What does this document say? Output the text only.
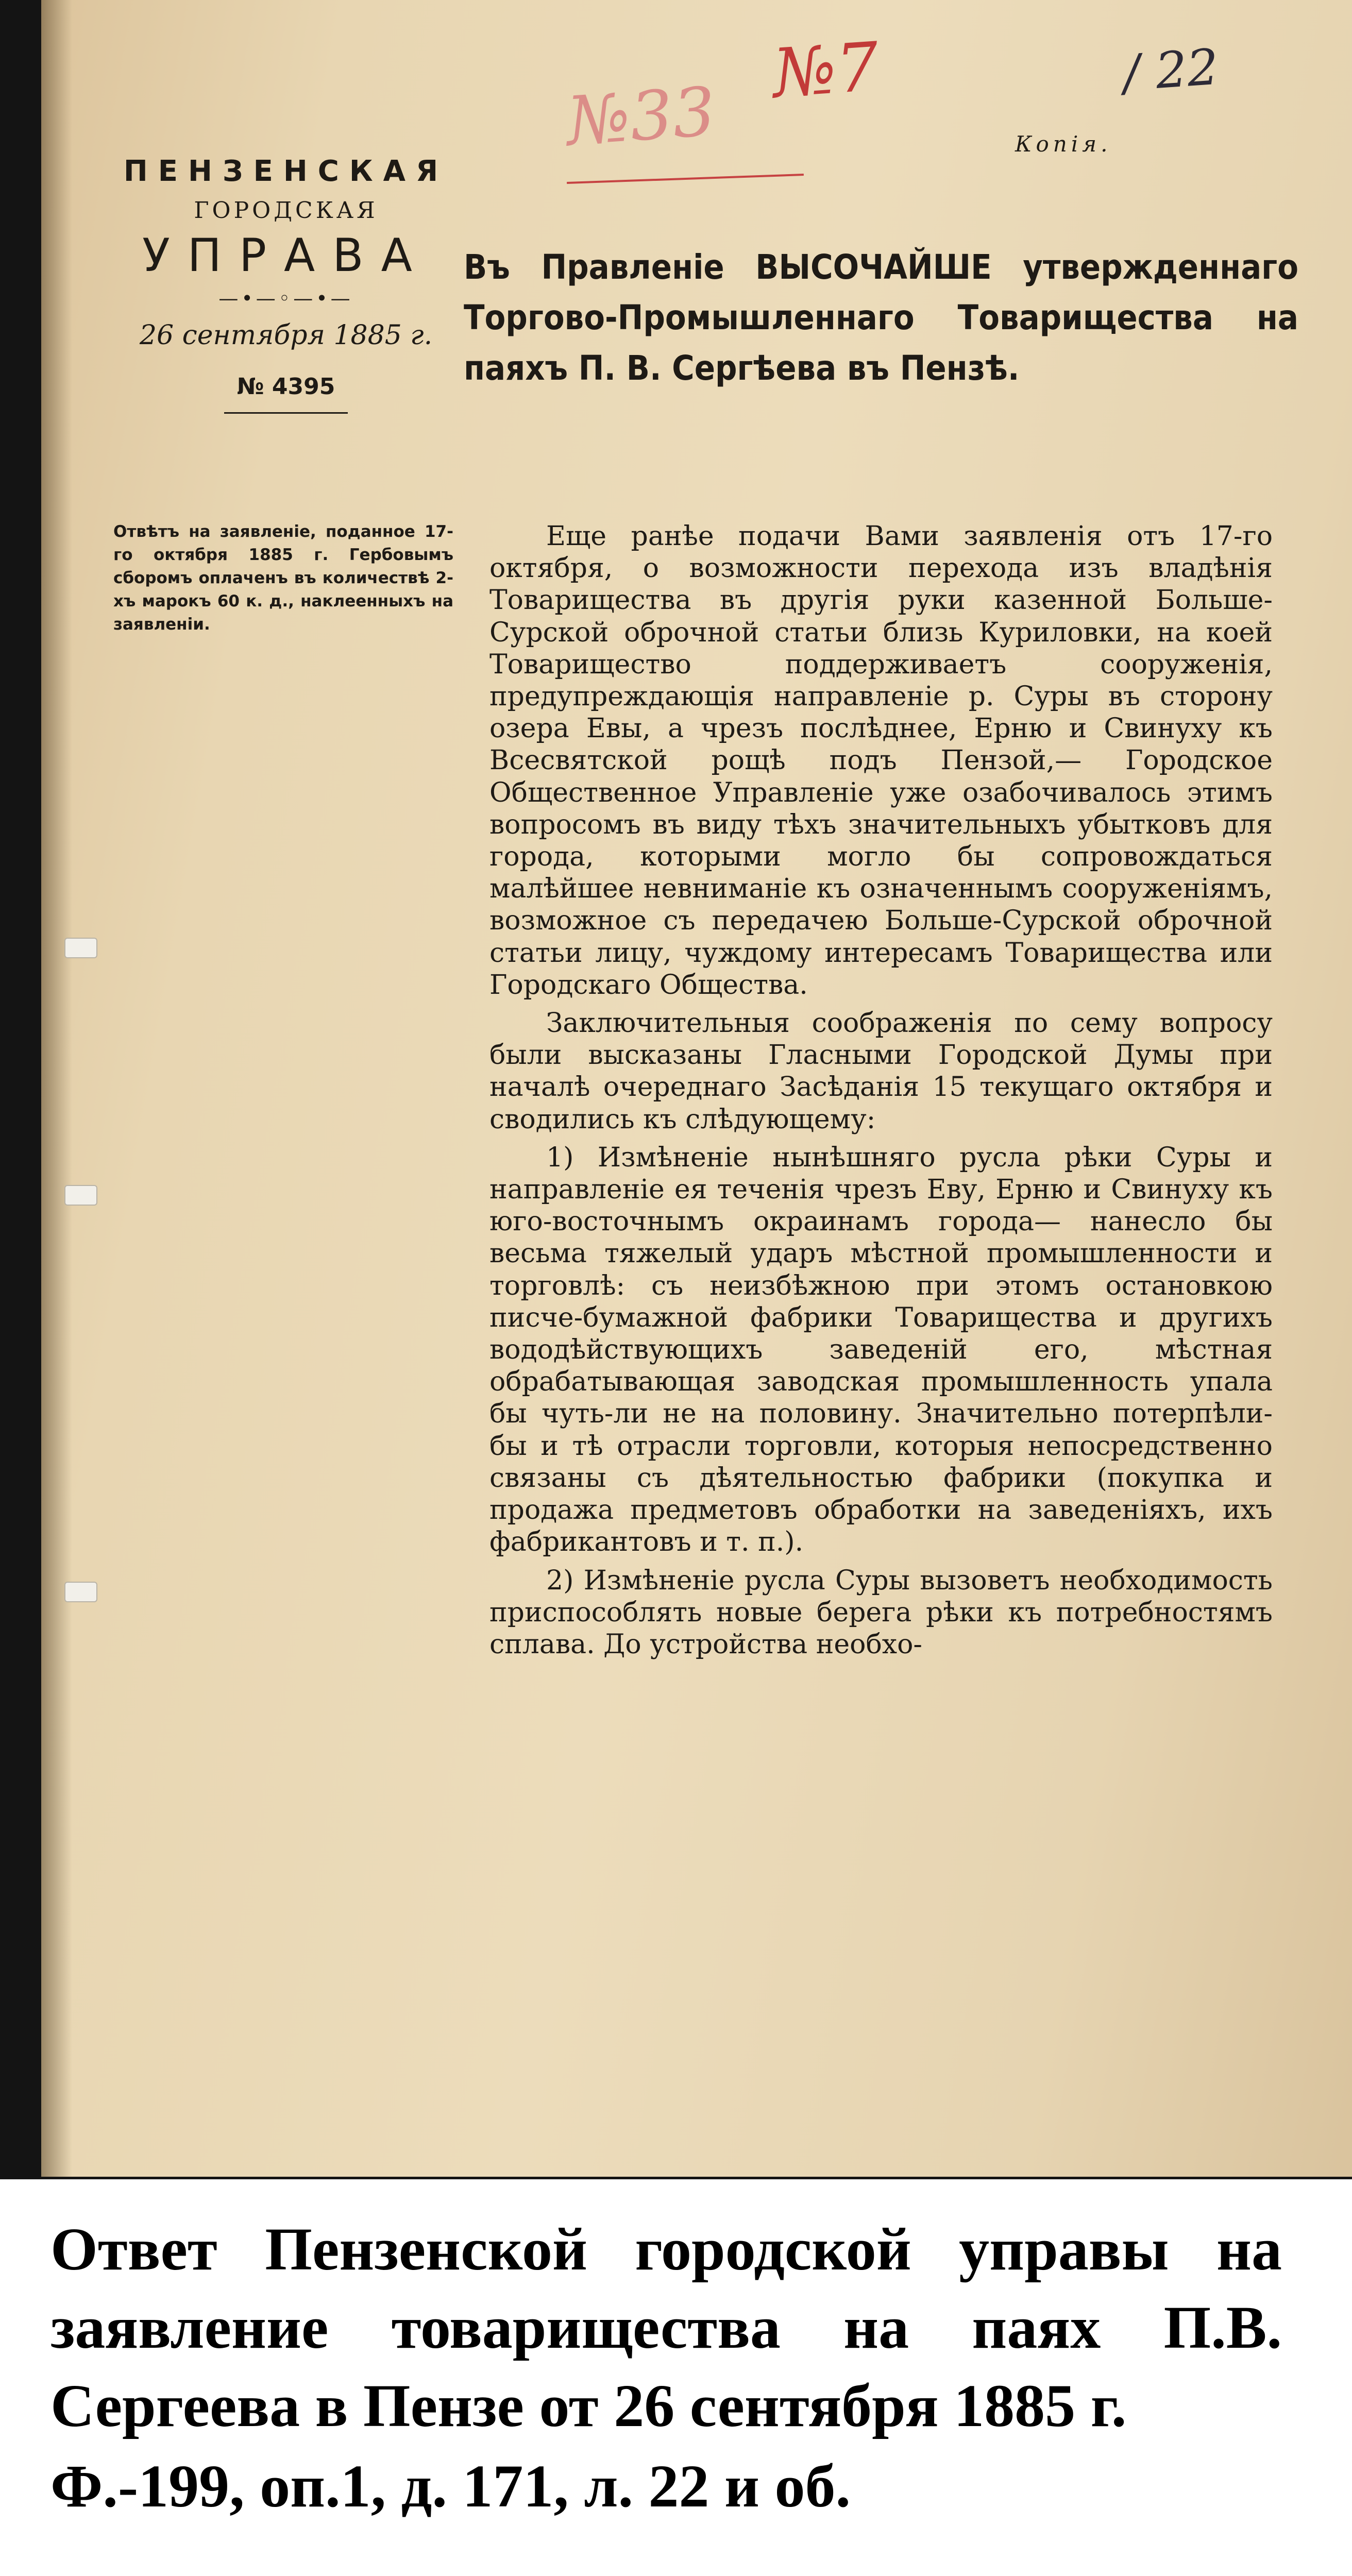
№33
№7	/ 22
ПЕНЗЕНСКАЯ
ГОРОДСКАЯ
УПРАВА
—•—◦—•—
26 сентября 1885 г.
№ 4395
Копія.
Въ Правленіе ВЫСОЧАЙШЕ утвержденнаго Торгово-Промышленнаго Товарищества на паяхъ П. В. Сергѣева въ Пензѣ.
Отвѣтъ на заявленіе, поданное 17-го октября 1885 г. Гербовымъ сборомъ оплаченъ въ количествѣ 2-хъ марокъ 60 к. д., наклеенныхъ на заявленіи.

Еще ранѣе подачи Вами заявленія отъ 17-го октября, о возможности перехода изъ владѣнія Товарищества въ другія руки казенной Больше-Сурской оброчной статьи близь Куриловки, на коей Товарищество поддерживаетъ сооруженія, предупреждающія направленіе р. Суры въ сторону озера Евы, а чрезъ послѣднее, Ерню и Свинуху къ Всесвятской рощѣ подъ Пензой,— Городское Общественное Управленіе уже озабочивалось этимъ вопросомъ въ виду тѣхъ значительныхъ убытковъ для города, которыми могло бы сопровождаться малѣйшее невниманіе къ означеннымъ сооруженіямъ, возможное съ передачею Больше-Сурской оброчной статьи лицу, чуждому интересамъ Товарищества или Городскаго Общества.

Заключительныя соображенія по сему вопросу были высказаны Гласными Городской Думы при началѣ очереднаго Засѣданія 15 текущаго октября и сводились къ слѣдующему:

1) Измѣненіе нынѣшняго русла рѣки Суры и направленіе ея теченія чрезъ Еву, Ерню и Свинуху къ юго-восточнымъ окраинамъ города— нанесло бы весьма тяжелый ударъ мѣстной промышленности и торговлѣ: съ неизбѣжною при этомъ остановкою писче-бумажной фабрики Товарищества и другихъ вододѣйствующихъ заведеній его, мѣстная обрабатывающая заводская промышленность упала бы чуть-ли не на половину. Значительно потерпѣли-бы и тѣ отрасли торговли, которыя непосредственно связаны съ дѣятельностью фабрики (покупка и продажа предметовъ обработки на заведеніяхъ, ихъ фабрикантовъ и т. п.).

2) Измѣненіе русла Суры вызоветъ необходимость приспособлять новые берега рѣки къ потребностямъ сплава. До устройства необхо-

Ответ Пензенской городской управы на заявление товарищества на паях П.В. Сергеева в Пензе от 26 сентября 1885 г.
Ф.-199, оп.1, д. 171, л. 22 и об.
